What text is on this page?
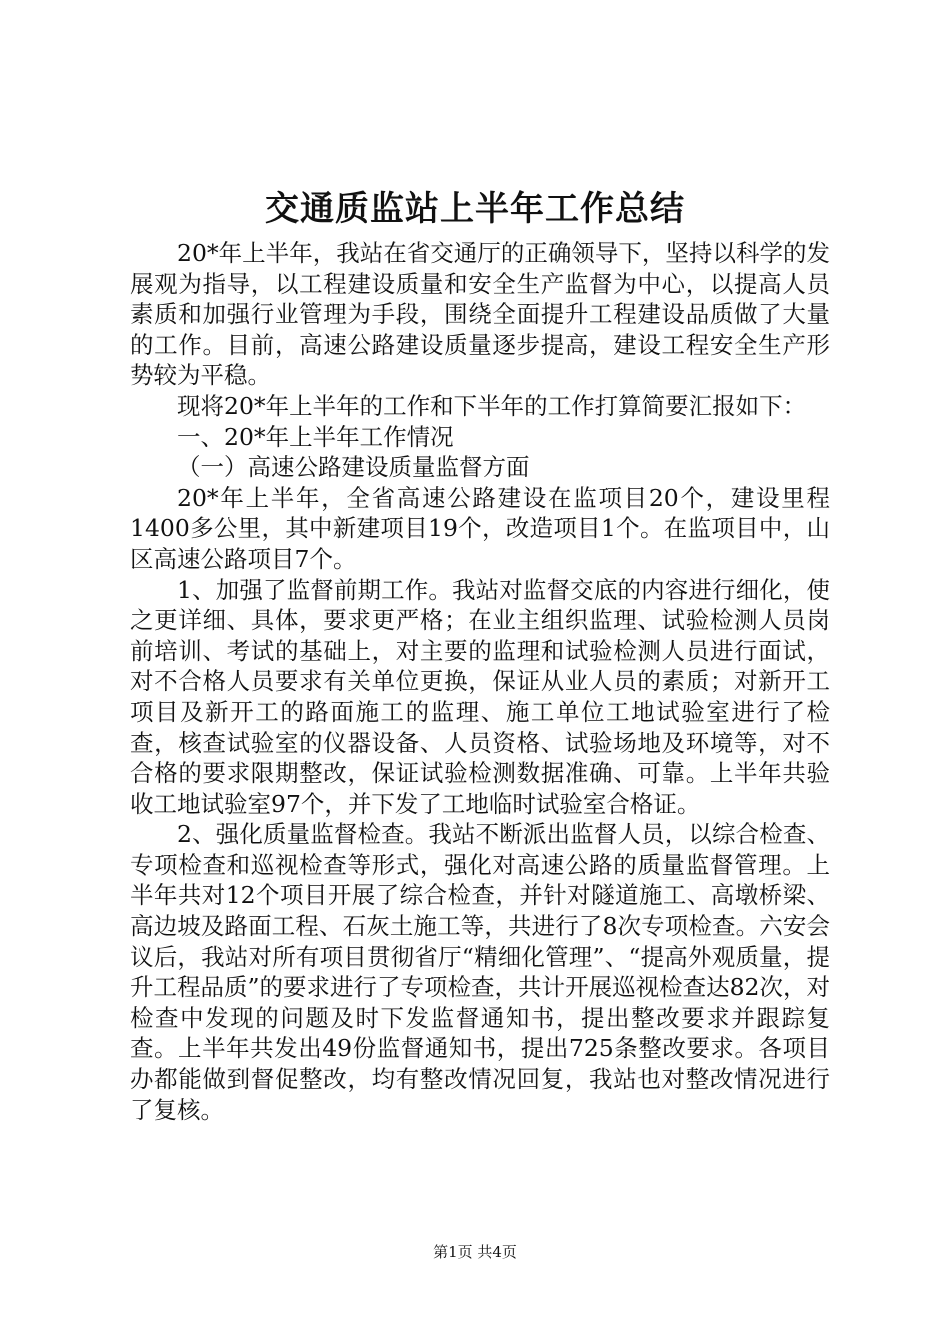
交通质监站上半年工作总结

20*年上半年，我站在省交通厅的正确领导下，坚持以科学的发展观为指导，以工程建设质量和安全生产监督为中心，以提高人员素质和加强行业管理为手段，围绕全面提升工程建设品质做了大量的工作。目前，高速公路建设质量逐步提高，建设工程安全生产形势较为平稳。

现将20*年上半年的工作和下半年的工作打算简要汇报如下：

一、20*年上半年工作情况

（一）高速公路建设质量监督方面

20*年上半年，全省高速公路建设在监项目20个，建设里程1400多公里，其中新建项目19个，改造项目1个。在监项目中，山区高速公路项目7个。

1、加强了监督前期工作。我站对监督交底的内容进行细化，使之更详细、具体，要求更严格；在业主组织监理、试验检测人员岗前培训、考试的基础上，对主要的监理和试验检测人员进行面试，对不合格人员要求有关单位更换，保证从业人员的素质；对新开工项目及新开工的路面施工的监理、施工单位工地试验室进行了检查，核查试验室的仪器设备、人员资格、试验场地及环境等，对不合格的要求限期整改，保证试验检测数据准确、可靠。上半年共验收工地试验室97个，并下发了工地临时试验室合格证。

2、强化质量监督检查。我站不断派出监督人员，以综合检查、专项检查和巡视检查等形式，强化对高速公路的质量监督管理。上半年共对12个项目开展了综合检查，并针对隧道施工、高墩桥梁、高边坡及路面工程、石灰土施工等，共进行了8次专项检查。六安会议后，我站对所有项目贯彻省厅“精细化管理”、“提高外观质量，提升工程品质”的要求进行了专项检查，共计开展巡视检查达82次，对检查中发现的问题及时下发监督通知书，提出整改要求并跟踪复查。上半年共发出49份监督通知书，提出725条整改要求。各项目办都能做到督促整改，均有整改情况回复，我站也对整改情况进行了复核。

第1页 共4页
